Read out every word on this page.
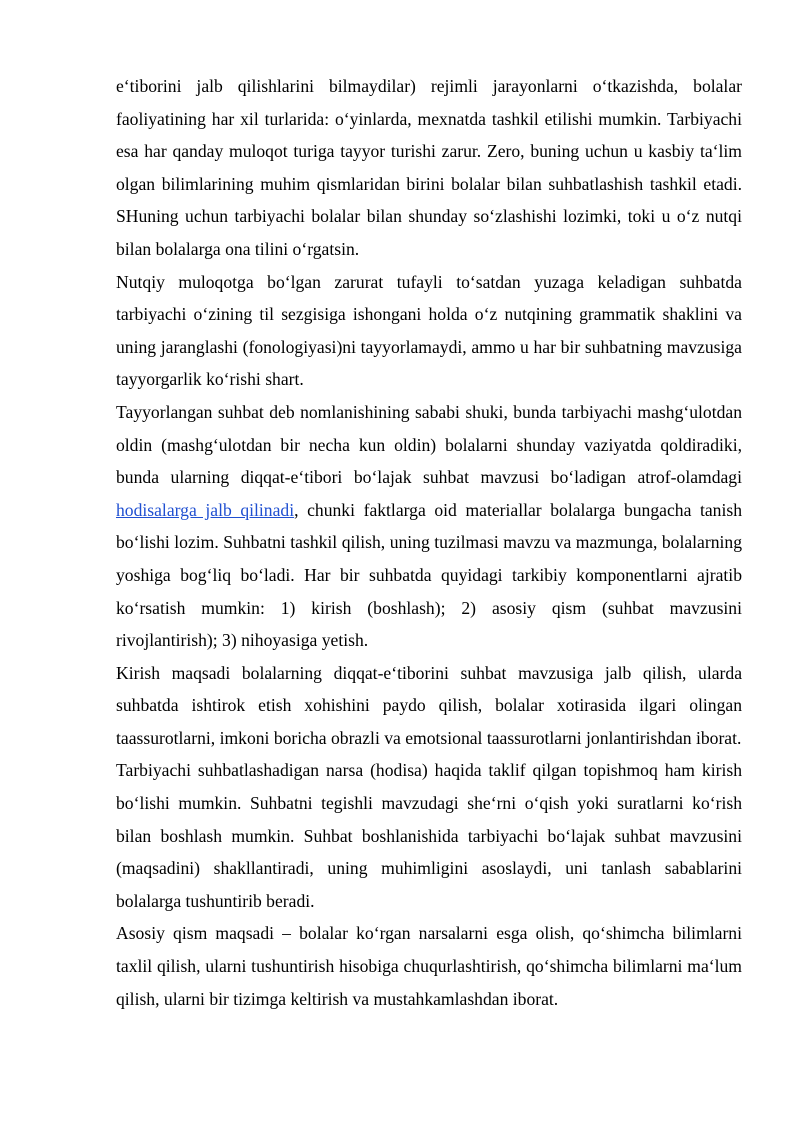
e‘tiborini jalb qilishlarini bilmaydilar) rejimli jarayonlarni o‘tkazishda, bolalar faoliyatining har xil turlarida: o‘yinlarda, mexnatda tashkil etilishi mumkin. Tarbiyachi esa har qanday muloqot turiga tayyor turishi zarur. Zero, buning uchun u kasbiy ta‘lim olgan bilimlarining muhim qismlaridan birini bolalar bilan suhbatlashish tashkil etadi. SHuning uchun tarbiyachi bolalar bilan shunday so‘zlashishi lozimki, toki u o‘z nutqi bilan bolalarga ona tilini o‘rgatsin.

Nutqiy muloqotga bo‘lgan zarurat tufayli to‘satdan yuzaga keladigan suhbatda tarbiyachi o‘zining til sezgisiga ishongani holda o‘z nutqining grammatik shaklini va uning jaranglashi (fonologiyasi)ni tayyorlamaydi, ammo u har bir suhbatning mavzusiga tayyorgarlik ko‘rishi shart.

Tayyorlangan suhbat deb nomlanishining sababi shuki, bunda tarbiyachi mashg‘ulotdan oldin (mashg‘ulotdan bir necha kun oldin) bolalarni shunday vaziyatda qoldiradiki, bunda ularning diqqat-e‘tibori bo‘lajak suhbat mavzusi bo‘ladigan atrof-olamdagi hodisalarga jalb qilinadi, chunki faktlarga oid materiallar bolalarga bungacha tanish bo‘lishi lozim. Suhbatni tashkil qilish, uning tuzilmasi mavzu va mazmunga, bolalarning yoshiga bog‘liq bo‘ladi. Har bir suhbatda quyidagi tarkibiy komponentlarni ajratib ko‘rsatish mumkin: 1) kirish (boshlash); 2) asosiy qism (suhbat mavzusini rivojlantirish); 3) nihoyasiga yetish.

Kirish maqsadi bolalarning diqqat-e‘tiborini suhbat mavzusiga jalb qilish, ularda suhbatda ishtirok etish xohishini paydo qilish, bolalar xotirasida ilgari olingan taassurotlarni, imkoni boricha obrazli va emotsional taassurotlarni jonlantirishdan iborat.

Tarbiyachi suhbatlashadigan narsa (hodisa) haqida taklif qilgan topishmoq ham kirish bo‘lishi mumkin. Suhbatni tegishli mavzudagi she‘rni o‘qish yoki suratlarni ko‘rish bilan boshlash mumkin. Suhbat boshlanishida tarbiyachi bo‘lajak suhbat mavzusini (maqsadini) shakllantiradi, uning muhimligini asoslaydi, uni tanlash sabablarini bolalarga tushuntirib beradi.

Asosiy qism maqsadi – bolalar ko‘rgan narsalarni esga olish, qo‘shimcha bilimlarni taxlil qilish, ularni tushuntirish hisobiga chuqurlashtirish, qo‘shimcha bilimlarni ma‘lum qilish, ularni bir tizimga keltirish va mustahkamlashdan iborat.
